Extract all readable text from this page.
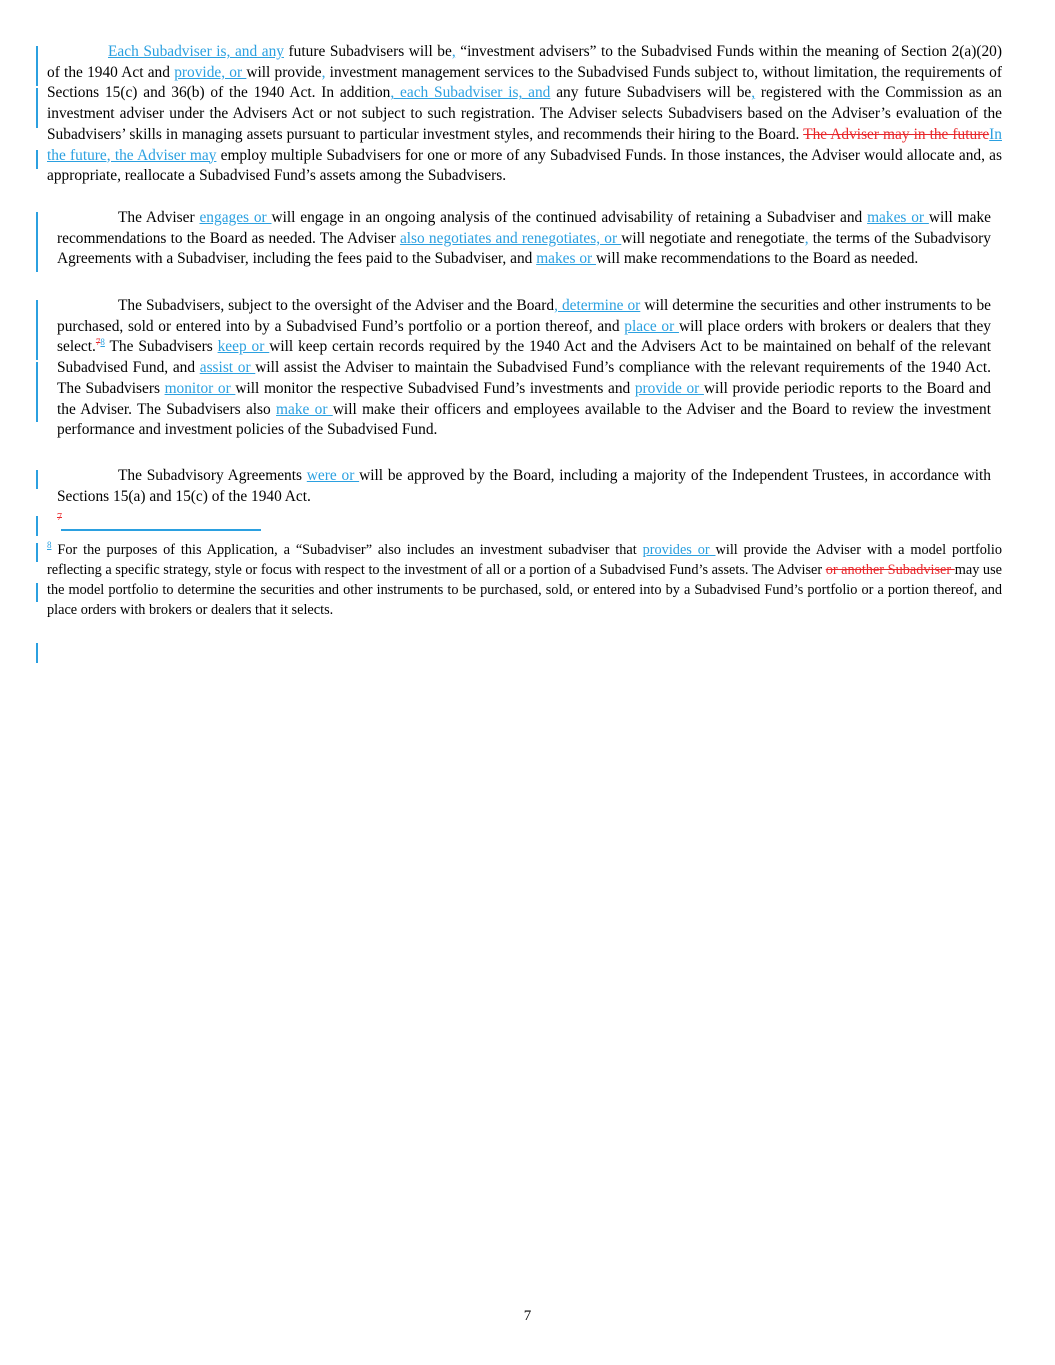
Each Subadviser is, and any future Subadvisers will be, “investment advisers” to the Subadvised Funds within the meaning of Section 2(a)(20) of the 1940 Act and provide, or will provide, investment management services to the Subadvised Funds subject to, without limitation, the requirements of Sections 15(c) and 36(b) of the 1940 Act. In addition, each Subadviser is, and any future Subadvisers will be, registered with the Commission as an investment adviser under the Advisers Act or not subject to such registration. The Adviser selects Subadvisers based on the Adviser’s evaluation of the Subadvisers’ skills in managing assets pursuant to particular investment styles, and recommends their hiring to the Board. The Adviser may in the futureIn the future, the Adviser may employ multiple Subadvisers for one or more of any Subadvised Funds. In those instances, the Adviser would allocate and, as appropriate, reallocate a Subadvised Fund’s assets among the Subadvisers.

The Adviser engages or will engage in an ongoing analysis of the continued advisability of retaining a Subadviser and makes or will make recommendations to the Board as needed. The Adviser also negotiates and renegotiates, or will negotiate and renegotiate, the terms of the Subadvisory Agreements with a Subadviser, including the fees paid to the Subadviser, and makes or will make recommendations to the Board as needed.

The Subadvisers, subject to the oversight of the Adviser and the Board, determine or will determine the securities and other instruments to be purchased, sold or entered into by a Subadvised Fund’s portfolio or a portion thereof, and place or will place orders with brokers or dealers that they select.$^{78}$ The Subadvisers keep or will keep certain records required by the 1940 Act and the Advisers Act to be maintained on behalf of the relevant Subadvised Fund, and assist or will assist the Adviser to maintain the Subadvised Fund’s compliance with the relevant requirements of the 1940 Act. The Subadvisers monitor or will monitor the respective Subadvised Fund’s investments and provide or will provide periodic reports to the Board and the Adviser. The Subadvisers also make or will make their officers and employees available to the Adviser and the Board to review the investment performance and investment policies of the Subadvised Fund.

The Subadvisory Agreements were or will be approved by the Board, including a majority of the Independent Trustees, in accordance with Sections 15(a) and 15(c) of the 1940 Act.

7

$^8$ For the purposes of this Application, a “Subadviser” also includes an investment subadviser that provides or will provide the Adviser with a model portfolio reflecting a specific strategy, style or focus with respect to the investment of all or a portion of a Subadvised Fund’s assets. The Adviser or another Subadviser may use the model portfolio to determine the securities and other instruments to be purchased, sold, or entered into by a Subadvised Fund’s portfolio or a portion thereof, and place orders with brokers or dealers that it selects.

7
